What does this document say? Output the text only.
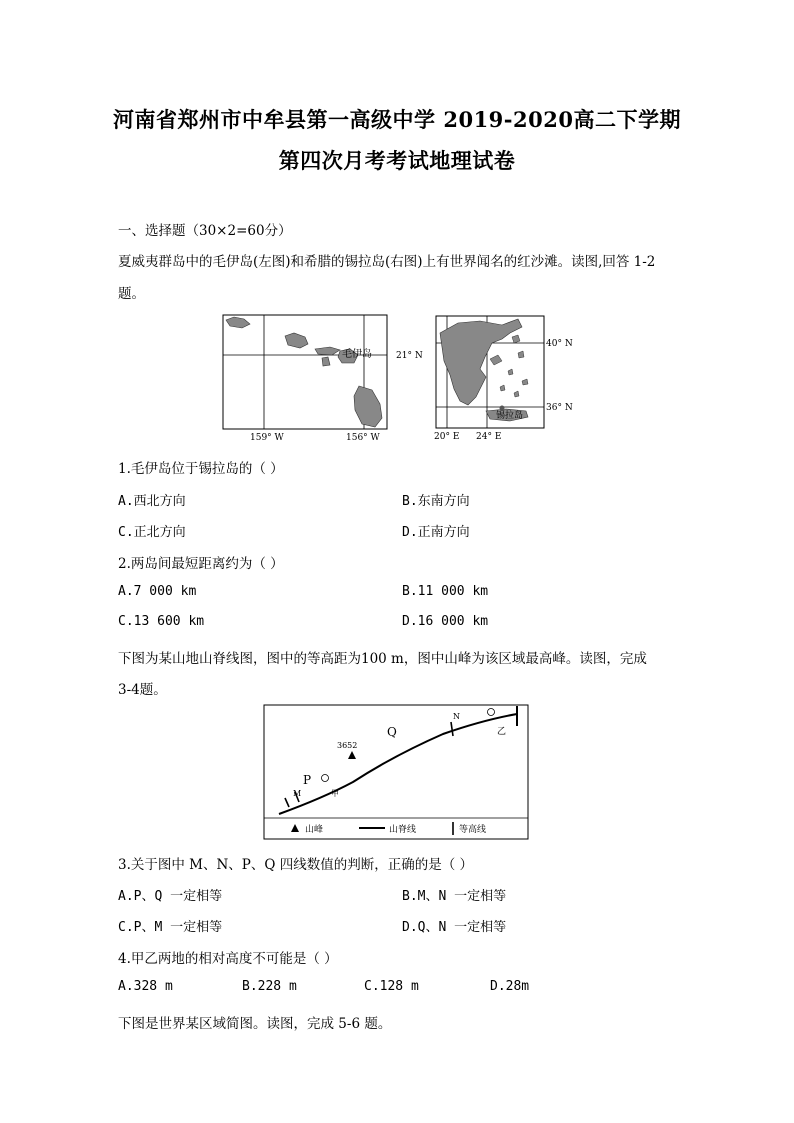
河南省郑州市中牟县第一高级中学 2019-2020高二下学期
第四次月考考试地理试卷
一、选择题（30×2=60分）
夏威夷群岛中的毛伊岛(左图)和希腊的锡拉岛(右图)上有世界闻名的红沙滩。读图,回答 1-2
题。
毛伊岛	21° N
159° W	156° W
40° N
36° N
20° E 24° E
锡拉岛
1.毛伊岛位于锡拉岛的（ ）
A.西北方向	B.东南方向
C.正北方向	D.正南方向
2.两岛间最短距离约为（ ）
A.7 000 km	B.11 000 km
C.13 600 km	D.16 000 km
下图为某山地山脊线图，图中的等高距为100 m，图中山峰为该区域最高峰。读图，完成
3-4题。
3652
甲
乙
P
Q
M
N
山峰	山脊线	等高线
3.关于图中 M、N、P、Q 四线数值的判断，正确的是（ ）
A.P、Q 一定相等	B.M、N 一定相等
C.P、M 一定相等	D.Q、N 一定相等
4.甲乙两地的相对高度不可能是（ ）
A.328 m	B.228 m	C.128 m	D.28m
下图是世界某区域简图。读图，完成 5-6 题。
